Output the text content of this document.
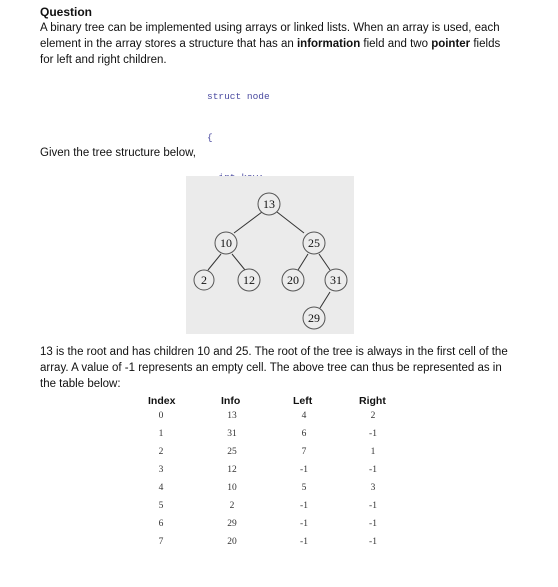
Question
A binary tree can be implemented using arrays or linked lists. When an array is used, each element in the array stores a structure that has an information field and two pointer fields for left and right children.

struct node

{

Given the tree structure below,
13
10	25
2	12	20	31
29
13 is the root and has children 10 and 25. The root of the tree is always in the first cell of the array. A value of -1 represents an empty cell. The above tree can thus be represented as in the table below:
Index	Info	Left	Right
0	13	4	2
1	31	6	-1
2	25	7	1
3	12	-1	-1
4	10	5	3
5	2	-1	-1
6	29	-1	-1
7	20	-1	-1
